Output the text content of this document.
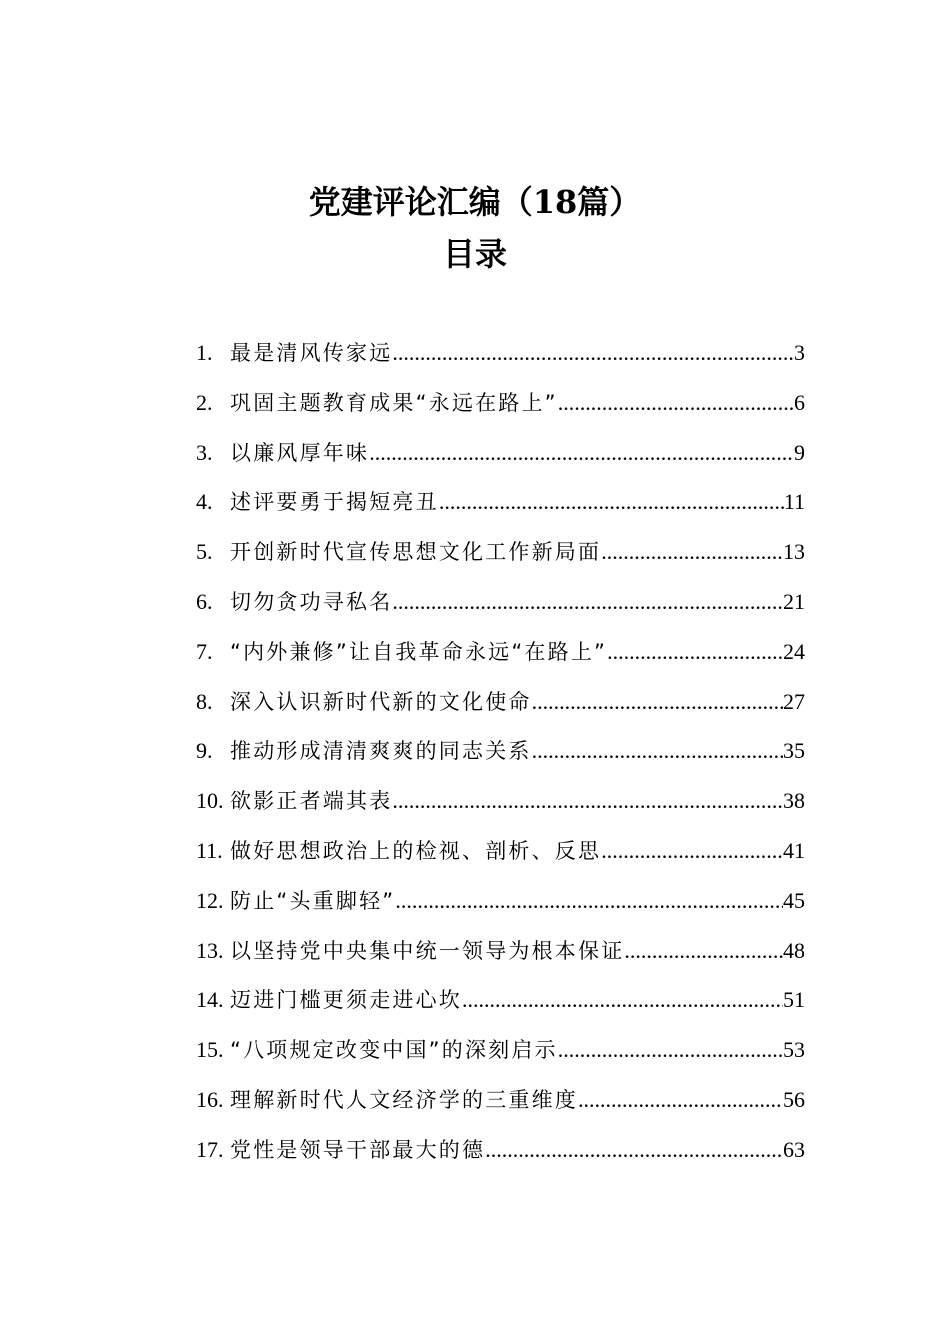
党建评论汇编（18篇）
目录
1. 最是清风传家远 .....	3
2. 巩固主题教育成果“永远在路上” .....	6
3. 以廉风厚年味 .....	9
4. 述评要勇于揭短亮丑 .....	11
5. 开创新时代宣传思想文化工作新局面 .....	13
6. 切勿贪功寻私名 .....	21
7. “内外兼修”让自我革命永远“在路上” .....	24
8. 深入认识新时代新的文化使命 .....	27
9. 推动形成清清爽爽的同志关系 .....	35
10. 欲影正者端其表 .....	38
11. 做好思想政治上的检视、剖析、反思 .....	41
12. 防止“头重脚轻” .....	45
13. 以坚持党中央集中统一领导为根本保证 .....	48
14. 迈进门槛更须走进心坎 .....	51
15. “八项规定改变中国”的深刻启示 .....	53
16. 理解新时代人文经济学的三重维度 .....	56
17. 党性是领导干部最大的德 .....	63
